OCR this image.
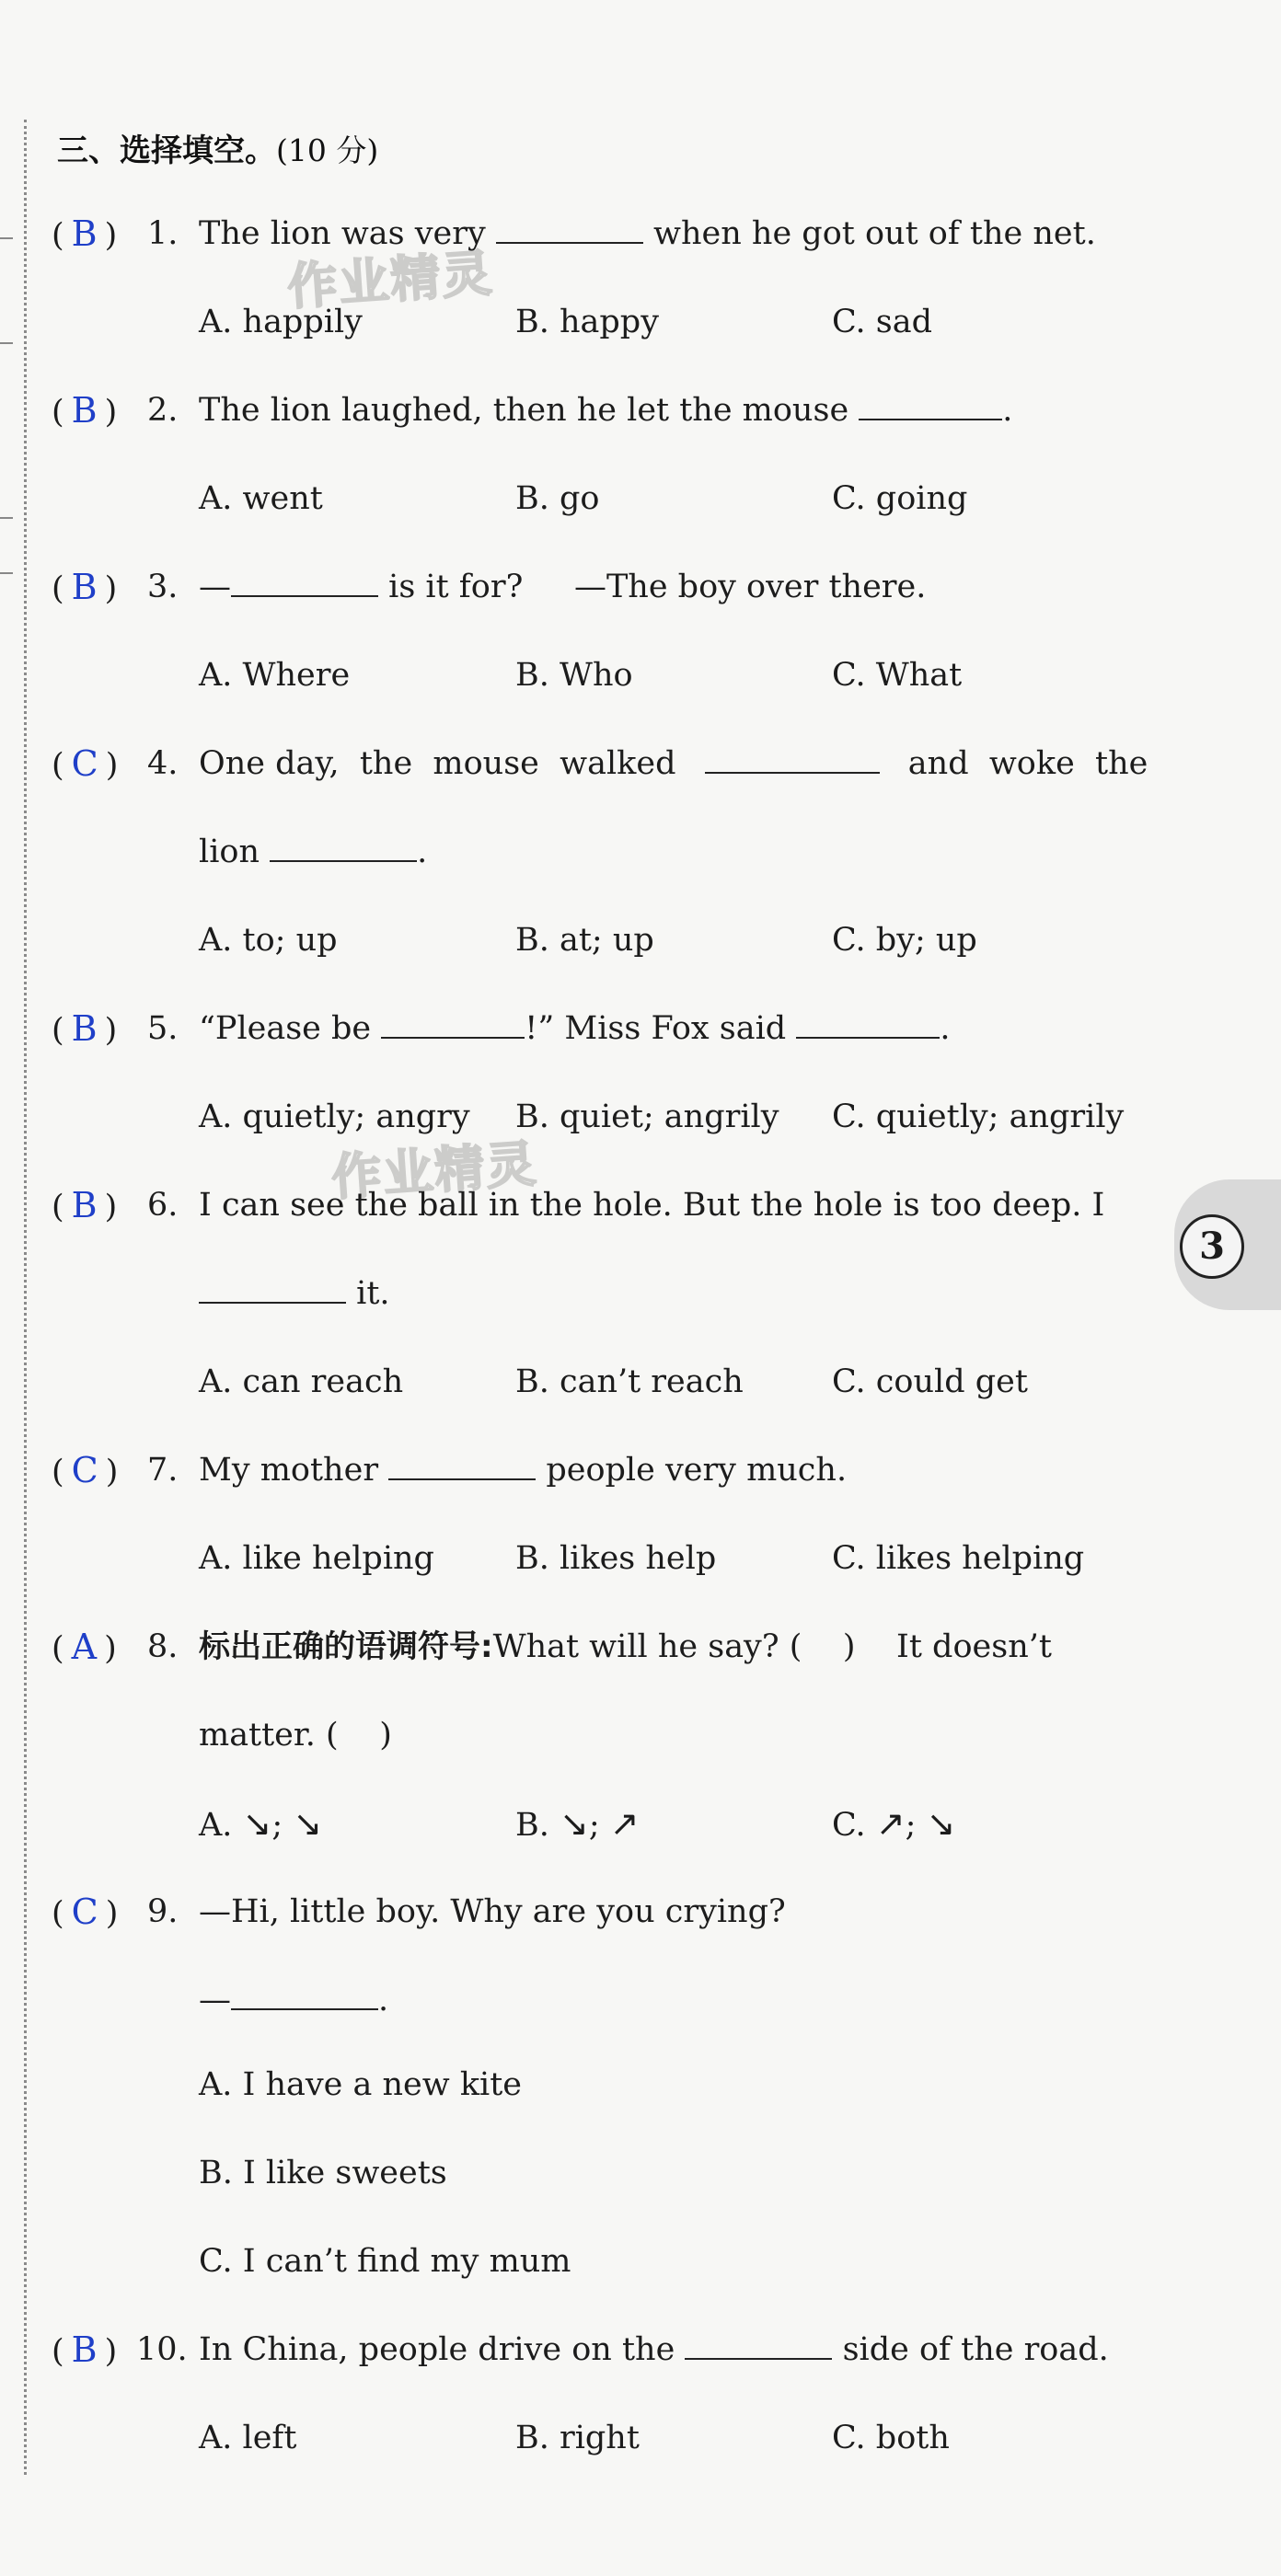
三、选择填空。(10 分)
作业精灵
作业精灵
3
( B ) 1. The lion was very	when he got out of the net.
A. happily	B. happy	C. sad
( B ) 2. The lion laughed, then he let the mouse	.
A. went	B. go	C. going
( B ) 3. —	is it for?     —The boy over there.
A. Where	B. Who	C. What
( C ) 4. One day,  the  mouse  walked	and  woke  the
lion	.
A. to; up	B. at; up	C. by; up
( B ) 5. “Please be	!” Miss Fox said	.
A. quietly; angry B. quiet; angrily C. quietly; angrily
( B ) 6. I can see the ball in the hole. But the hole is too deep. I
it.
A. can reach	B. can’t reach	C. could get
( C ) 7. My mother	people very much.
A. like helping	B. likes help	C. likes helping
( A ) 8. 标出正确的语调符号:What will he say? (    )    It doesn’t
matter. (    )
A. ↘; ↘	B. ↘; ↗	C. ↗; ↘
( C ) 9. —Hi, little boy. Why are you crying?
—	.
A. I have a new kite
B. I like sweets
C. I can’t find my mum
( B ) 10. In China, people drive on the	side of the road.
A. left	B. right	C. both
